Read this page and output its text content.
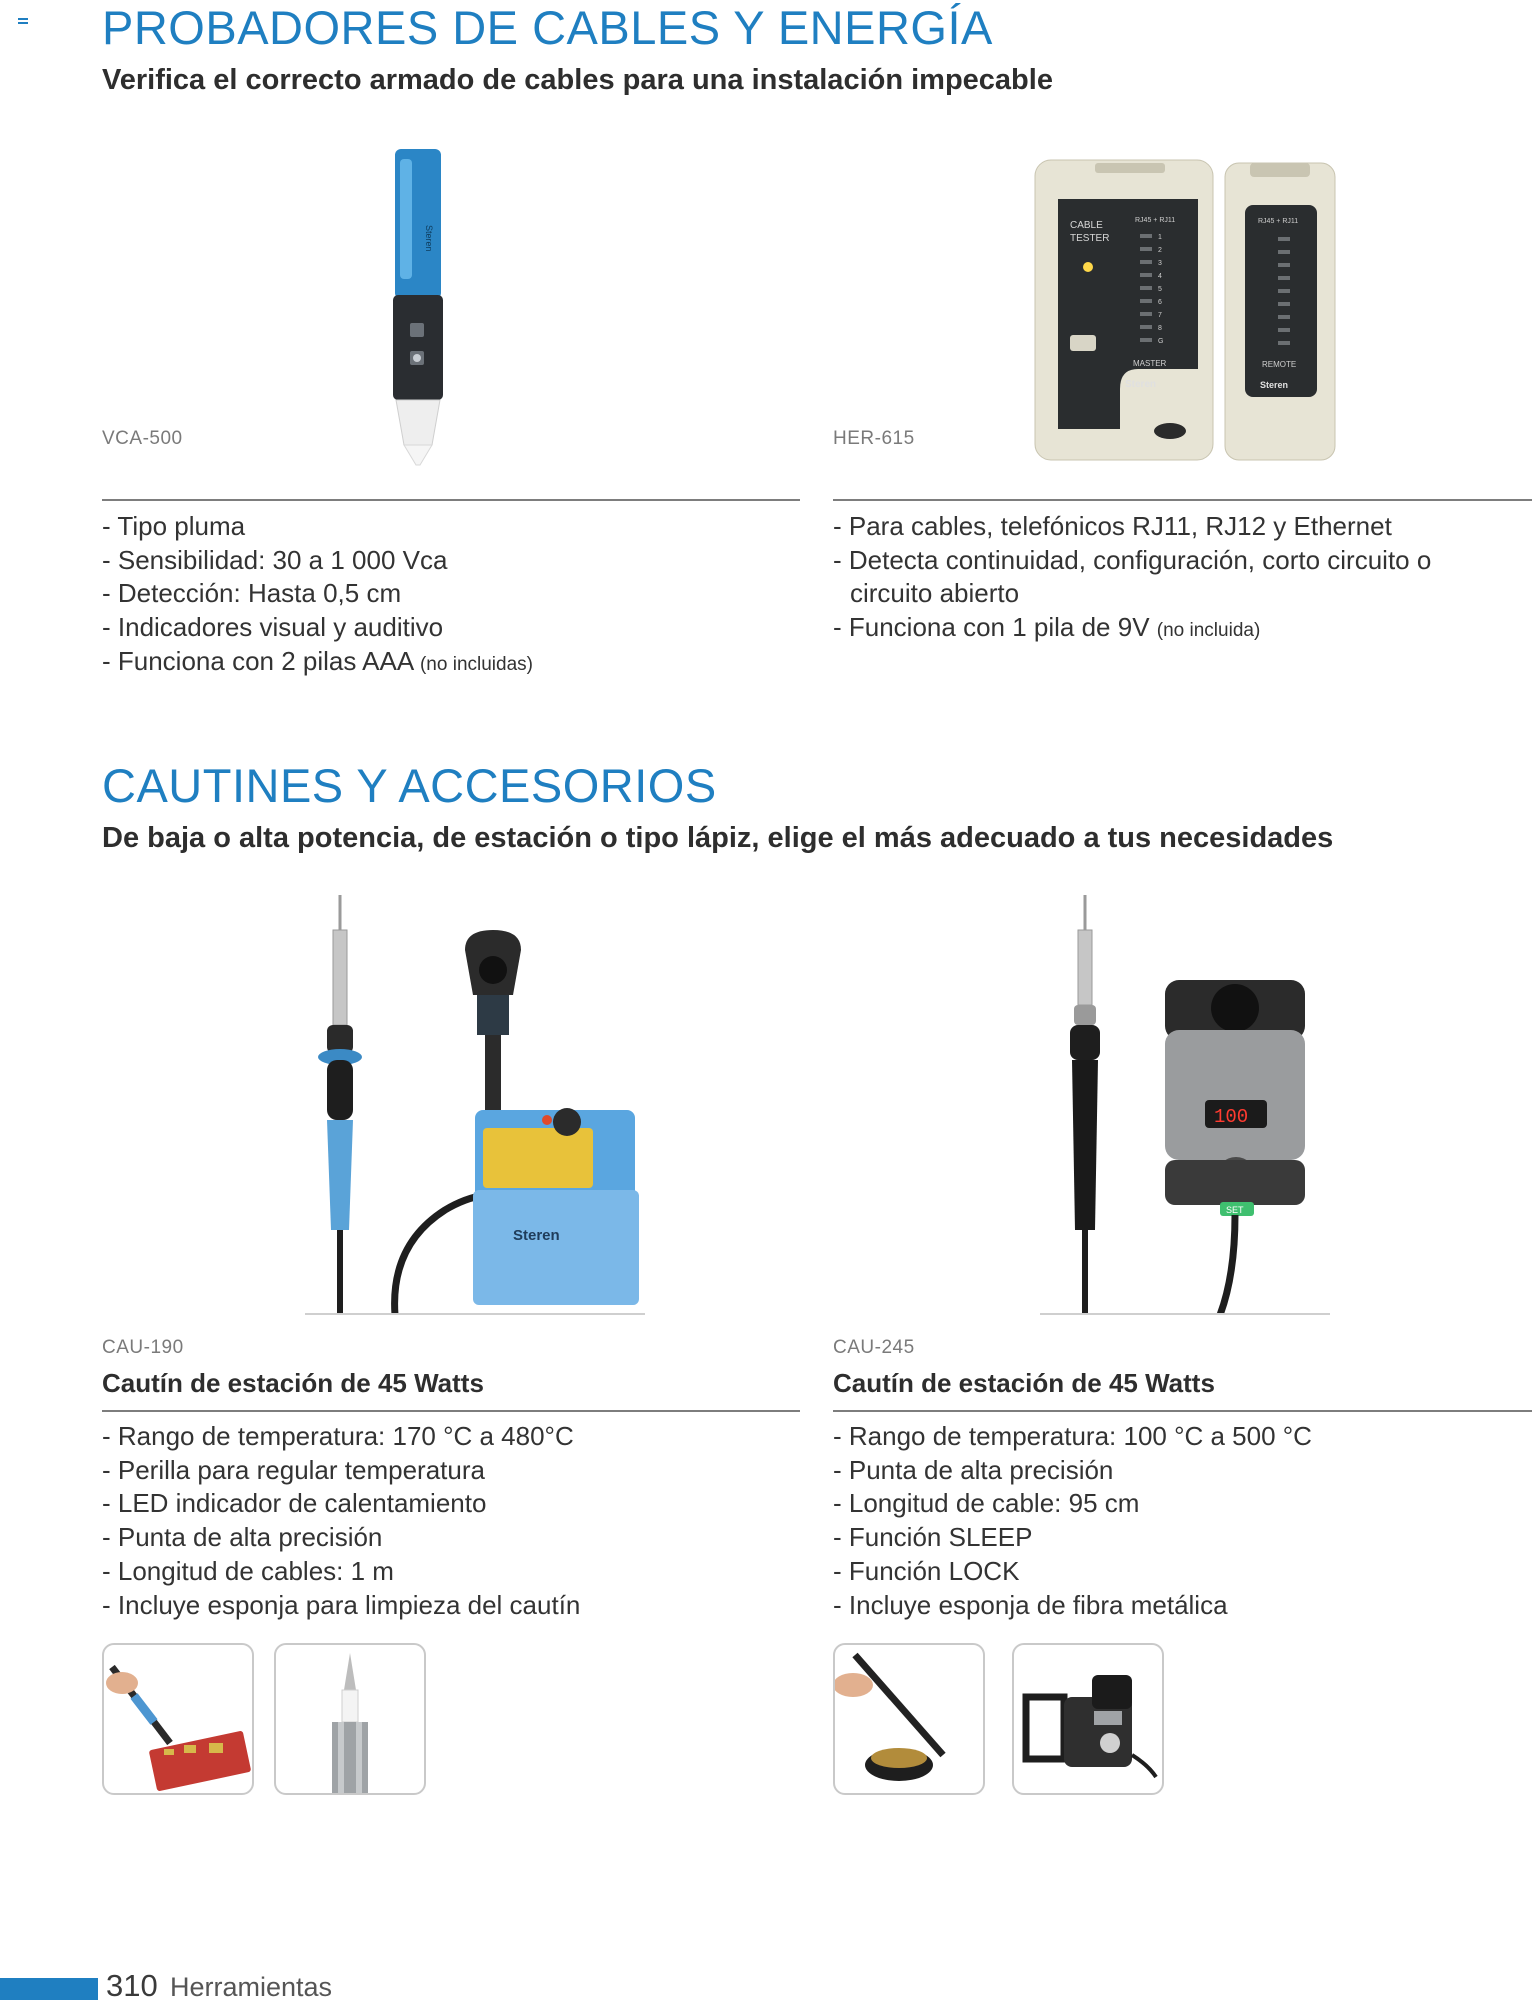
PROBADORES DE CABLES Y ENERGÍA
Verifica el correcto armado de cables para una instalación impecable
Steren
VCA-500
CABLE
TESTER
RJ45 + RJ11
1
2
3
4
5
6
7
8
G
MASTER
Steren
RJ45 + RJ11
REMOTE
Steren
HER-615
- Tipo pluma
- Sensibilidad: 30 a 1 000 Vca
- Detección: Hasta 0,5 cm
- Indicadores visual y auditivo
- Funciona con 2 pilas AAA (no incluidas)
- Para cables, telefónicos RJ11, RJ12 y Ethernet
- Detecta continuidad, configuración, corto circuito o
circuito abierto
- Funciona con 1 pila de 9V (no incluida)
CAUTINES Y ACCESORIOS
De baja o alta potencia, de estación o tipo lápiz, elige el más adecuado a tus necesidades
Steren
CAU-190
Cautín de estación de 45 Watts
100
SET
CAU-245
Cautín de estación de 45 Watts
- Rango de temperatura: 170 °C a 480°C
- Perilla para regular temperatura
- LED indicador de calentamiento
- Punta de alta precisión
- Longitud de cables: 1 m
- Incluye esponja para limpieza del cautín
- Rango de temperatura: 100 °C a 500 °C
- Punta de alta precisión
- Longitud de cable: 95 cm
- Función SLEEP
- Función LOCK
- Incluye esponja de fibra metálica
310 Herramientas
